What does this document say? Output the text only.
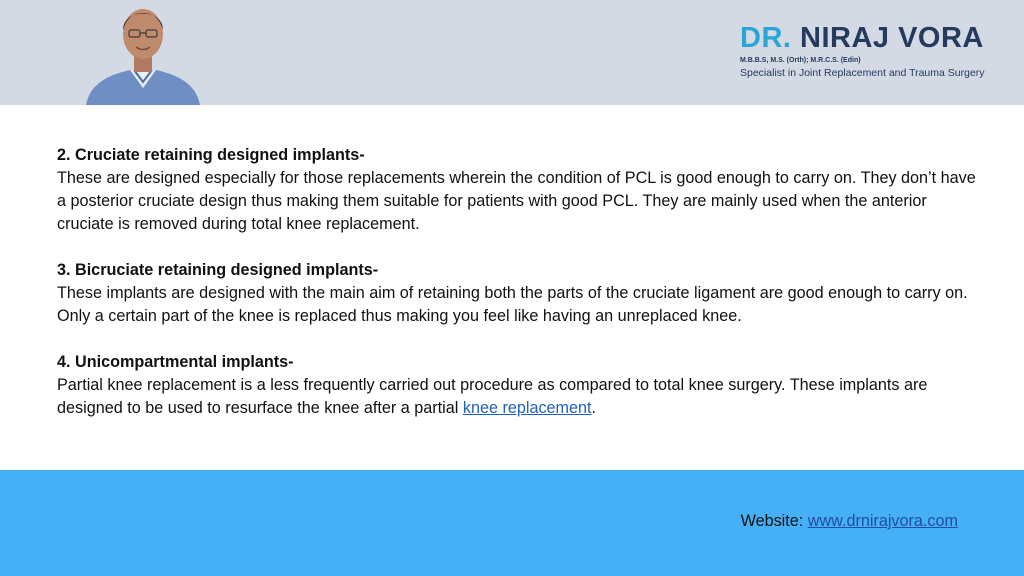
DR. NIRAJ VORA
M.B.B.S, M.S. (Orth); M.R.C.S. (Edin)
Specialist in Joint Replacement and Trauma Surgery
2. Cruciate retaining designed implants-
These are designed especially for those replacements wherein the condition of PCL is good enough to carry on. They don’t have a posterior cruciate design thus making them suitable for patients with good PCL. They are mainly used when the anterior cruciate is removed during total knee replacement.
3. Bicruciate retaining designed implants-
These implants are designed with the main aim of retaining both the parts of the cruciate ligament are good enough to carry on. Only a certain part of the knee is replaced thus making you feel like having an unreplaced knee.
4. Unicompartmental implants-
Partial knee replacement is a less frequently carried out procedure as compared to total knee surgery. These implants are designed to be used to resurface the knee after a partial knee replacement.
Website: www.drnirajvora.com
